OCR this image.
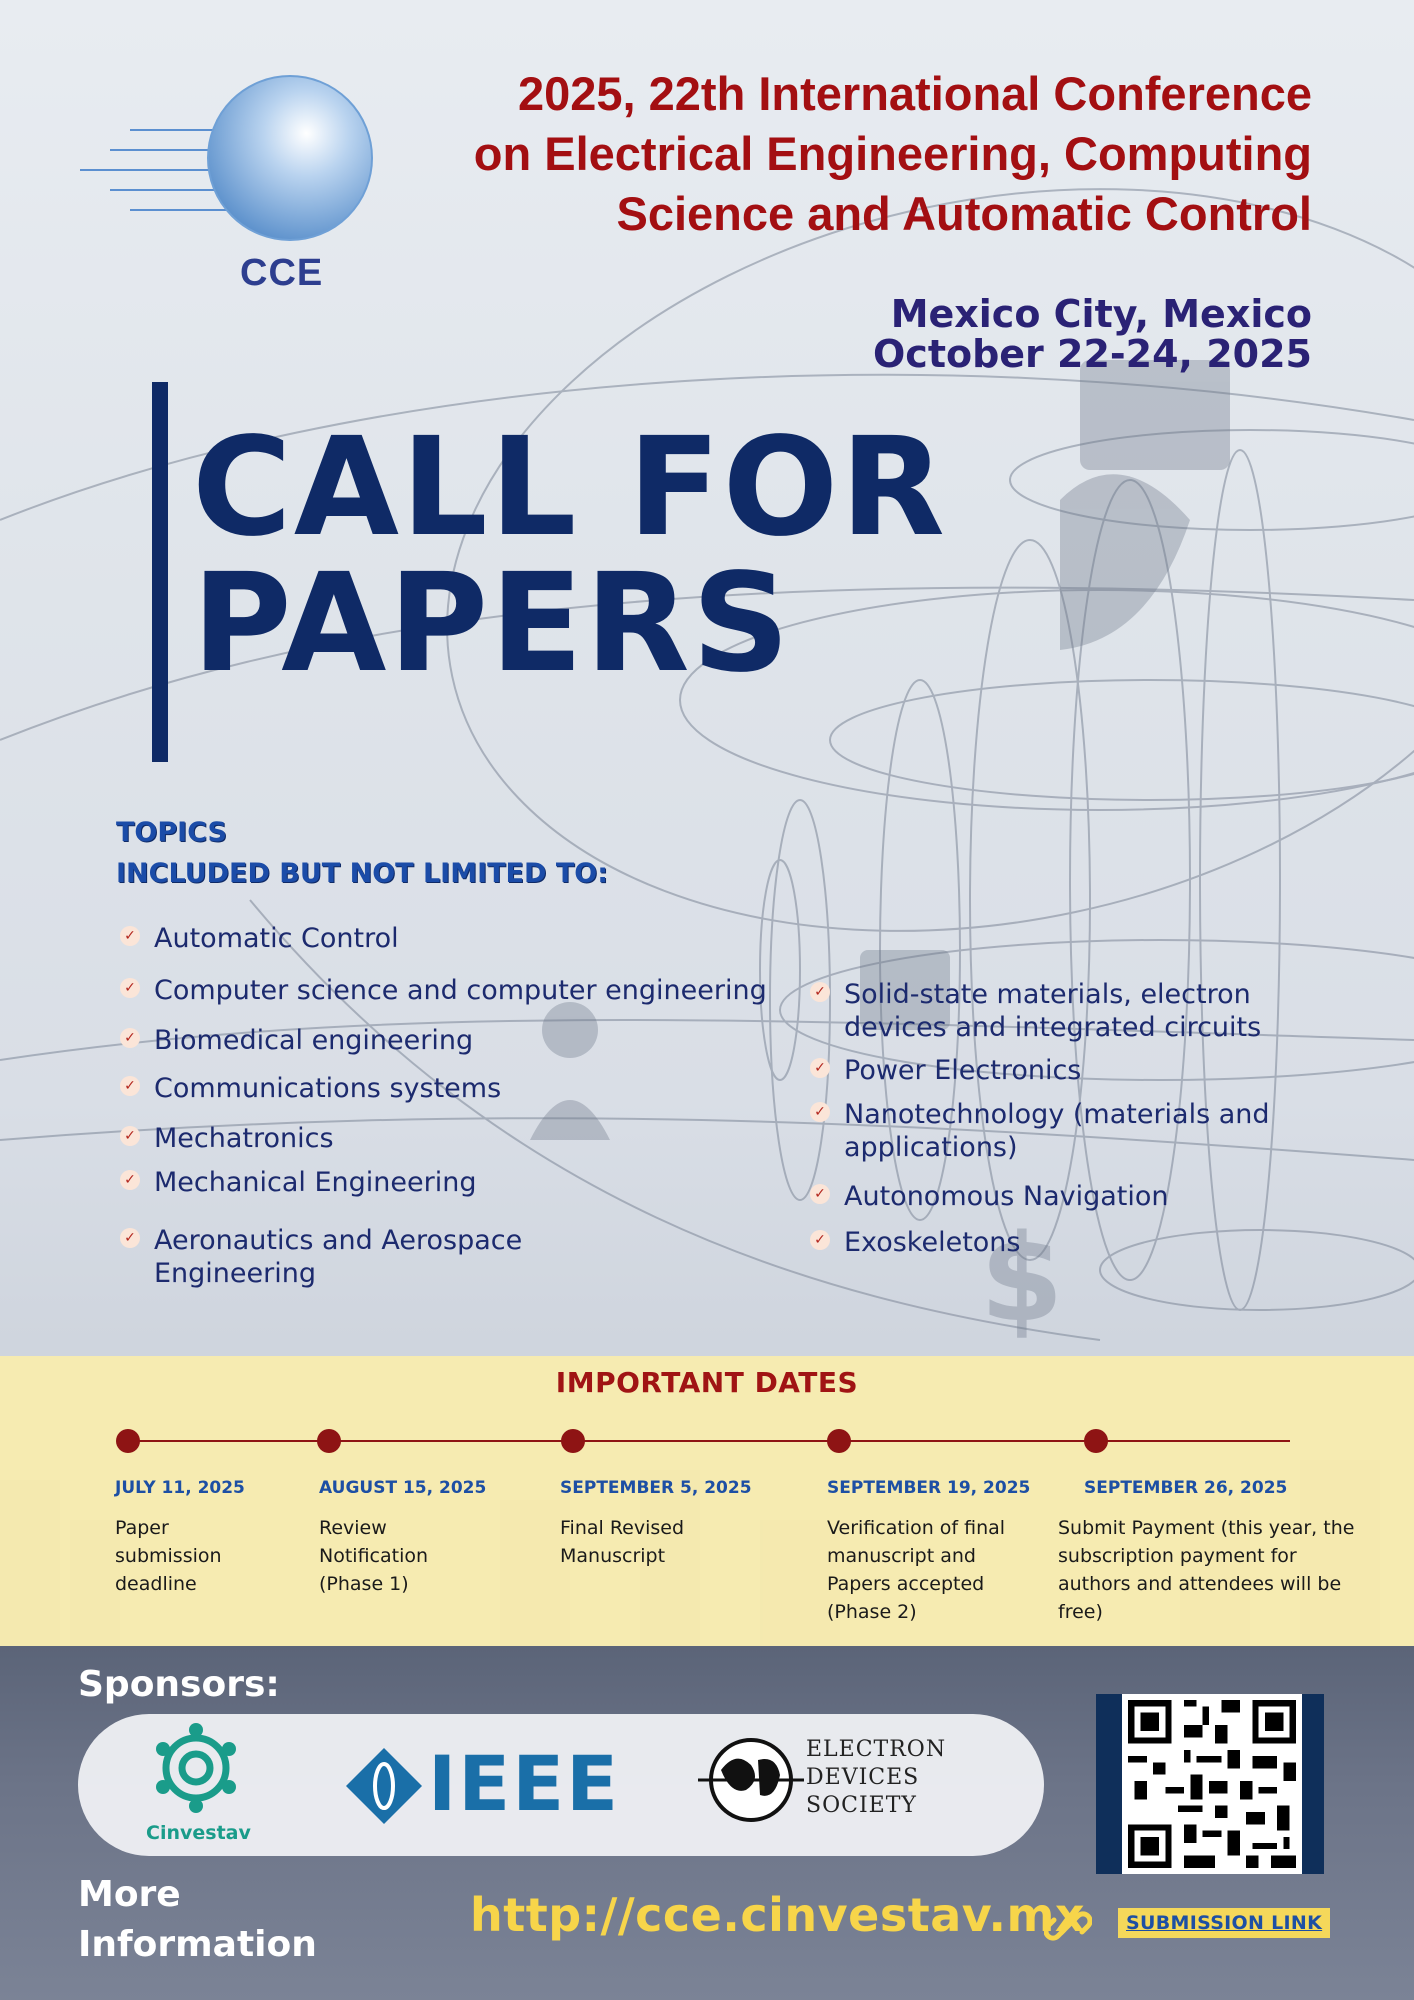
$
CCE
2025, 22th International Conference
on Electrical Engineering, Computing
Science and Automatic Control
Mexico City, Mexico
October 22-24, 2025
CALL FOR
PAPERS
TOPICS
INCLUDED BUT NOT LIMITED TO:
✓ Automatic Control
✓ Computer science and computer engineering
✓ Biomedical engineering
✓ Communications systems
✓ Mechatronics
✓ Mechanical Engineering
✓ Aeronautics and Aerospace Engineering
✓ Solid-state materials, electron devices and integrated circuits
✓ Power Electronics
✓ Nanotechnology (materials and applications)
✓ Autonomous Navigation
✓ Exoskeletons
IMPORTANT DATES
JULY 11, 2025
Paper submission deadline
AUGUST 15, 2025
Review Notification (Phase 1)
SEPTEMBER 5, 2025
Final Revised Manuscript
SEPTEMBER 19, 2025
Verification of final manuscript and Papers accepted (Phase 2)
SEPTEMBER 26, 2025
Submit Payment (this year, the subscription payment for authors and attendees will be free)
Sponsors:
Cinvestav
IEEE	ELECTRON
DEVICES
SOCIETY
More
Information
http://cce.cinvestav.mx	SUBMISSION LINK
